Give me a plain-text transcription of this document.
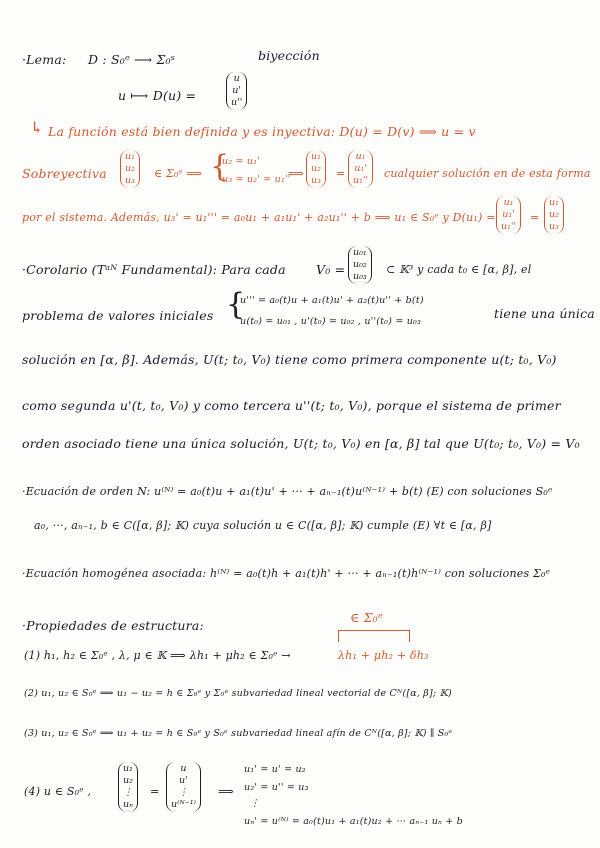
·Lema: D : S₀ᵉ ⟶ Σ₀ˢ	biyección
u ⟼ D(u) =
u
u'
u''
↳ La función está bien definida y es inyectiva: D(u) = D(v) ⟹ u = v
Sobreyectiva
u₁
u₂
u₃
∈ Σ₀ˢ ⟹ {
u₂ = u₁'
u₃ = u₂' = u₁''
⟹
u₁
u₂
u₃
=
u₁
u₁'
u₁''
cualquier solución en de esta forma
por el sistema. Además, u₃' = u₁''' = a₀u₁ + a₁u₁' + a₂u₁'' + b ⟹ u₁ ∈ S₀ᵉ y D(u₁) =
u₁
u₁'
u₁''
=
u₁
u₂
u₃
·Corolario (Tᵃᴺ Fundamental): Para cada V₀ =
u₀₁
u₀₂
u₀₃
⊂ 𝕂³ y cada t₀ ∈ [α, β], el
problema de valores iniciales {
u''' = a₀(t)u + a₁(t)u' + a₂(t)u'' + b(t)
u(t₀) = u₀₁ , u'(t₀) = u₀₂ , u''(t₀) = u₀₃
tiene una única
solución en [α, β]. Además, U(t; t₀, V₀) tiene como primera componente u(t; t₀, V₀)
como segunda u'(t, t₀, V₀) y como tercera u''(t; t₀, V₀), porque el sistema de primer
orden asociado tiene una única solución, U(t; t₀, V₀) en [α, β] tal que U(t₀; t₀, V₀) = V₀
·Ecuación de orden N: u⁽ᴺ⁾ = a₀(t)u + a₁(t)u' + ··· + aₙ₋₁(t)u⁽ᴺ⁻¹⁾ + b(t) (E) con soluciones S₀ᵉ
a₀, ···, aₙ₋₁, b ∈ C([α, β]; 𝕂) cuya solución u ∈ C([α, β]; 𝕂) cumple (E) ∀t ∈ [α, β]
·Ecuación homogénea asociada: h⁽ᴺ⁾ = a₀(t)h + a₁(t)h' + ··· + aₙ₋₁(t)h⁽ᴺ⁻¹⁾ con soluciones Σ₀ᵉ
·Propiedades de estructura:
∈ Σ₀ᵉ
(1) h₁, h₂ ∈ Σ₀ᵉ , λ, μ ∈ 𝕂 ⟹ λh₁ + μh₂ ∈ Σ₀ᵉ →	λh₁ + μh₂ + δh₃
(2) u₁, u₂ ∈ S₀ᵉ ⟹ u₁ − u₂ = h ∈ Σ₀ᵉ y Σ₀ᵉ subvariedad lineal vectorial de Cᴺ([α, β]; 𝕂)
(3) u₁, u₂ ∈ S₀ᵉ ⟹ u₁ + u₂ = h ∈ S₀ᵉ y S₀ᵉ subvariedad lineal afín de Cᴺ([α, β]; 𝕂) ∥ S₀ᵉ
(4) u ∈ S₀ᵉ ,
u₁
u₂
⋮
uₙ
=
u
u'
⋮
u⁽ᴺ⁻¹⁾
⟹
u₁' = u' = u₂
u₂' = u'' = u₃
⋮
uₙ' = u⁽ᴺ⁾ = a₀(t)u₁ + a₁(t)u₂ + ··· aₙ₋₁ uₙ + b
